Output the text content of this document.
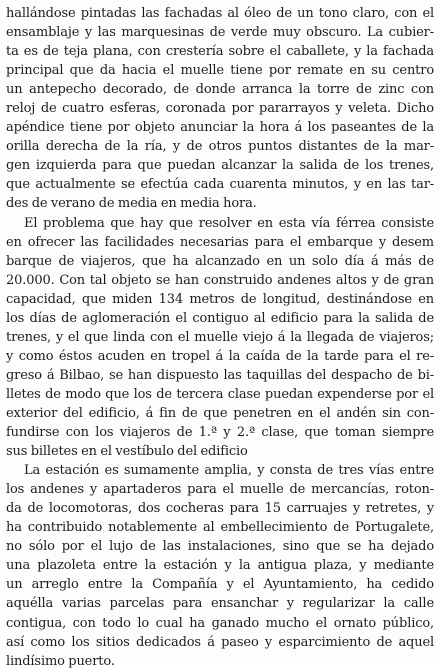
hallándose pintadas las fachadas al óleo de un tono claro, con el
ensamblaje y las marquesinas de verde muy obscuro. La cubier-
ta es de teja plana, con crestería sobre el caballete, y la fachada
principal que da hacia el muelle tiene por remate en su centro
un antepecho decorado, de donde arranca la torre de zinc con
reloj de cuatro esferas, coronada por pararrayos y veleta. Dicho
apéndice tiene por objeto anunciar la hora á los paseantes de la
orilla derecha de la ría, y de otros puntos distantes de la mar-
gen izquierda para que puedan alcanzar la salida de los trenes,
que actualmente se efectúa cada cuarenta minutos, y en las tar-
des de verano de media en media hora.
El problema que hay que resolver en esta vía férrea consiste
en ofrecer las facilidades necesarias para el embarque y desem
barque de viajeros, que ha alcanzado en un solo día á más de
20.000. Con tal objeto se han construido andenes altos y de gran
capacidad, que miden 134 metros de longitud, destinándose en
los días de aglomeración el contiguo al edificio para la salida de
trenes, y el que linda con el muelle viejo á la llegada de viajeros;
y como éstos acuden en tropel á la caída de la tarde para el re-
greso á Bilbao, se han dispuesto las taquillas del despacho de bi-
lletes de modo que los de tercera clase puedan expenderse por el
exterior del edificio, á fin de que penetren en el andén sin con-
fundirse con los viajeros de 1.ª y 2.ª clase, que toman siempre
sus billetes en el vestíbulo del edificio
La estación es sumamente amplia, y consta de tres vías entre
los andenes y apartaderos para el muelle de mercancías, roton-
da de locomotoras, dos cocheras para 15 carruajes y retretes, y
ha contribuido notablemente al embellecimiento de Portugalete,
no sólo por el lujo de las instalaciones, sino que se ha dejado
una plazoleta entre la estación y la antigua plaza, y mediante
un arreglo entre la Compañía y el Ayuntamiento, ha cedido
aquélla varias parcelas para ensanchar y regularizar la calle
contigua, con todo lo cual ha ganado mucho el ornato público,
así como los sitios dedicados á paseo y esparcimiento de aquel
lindísimo puerto.
